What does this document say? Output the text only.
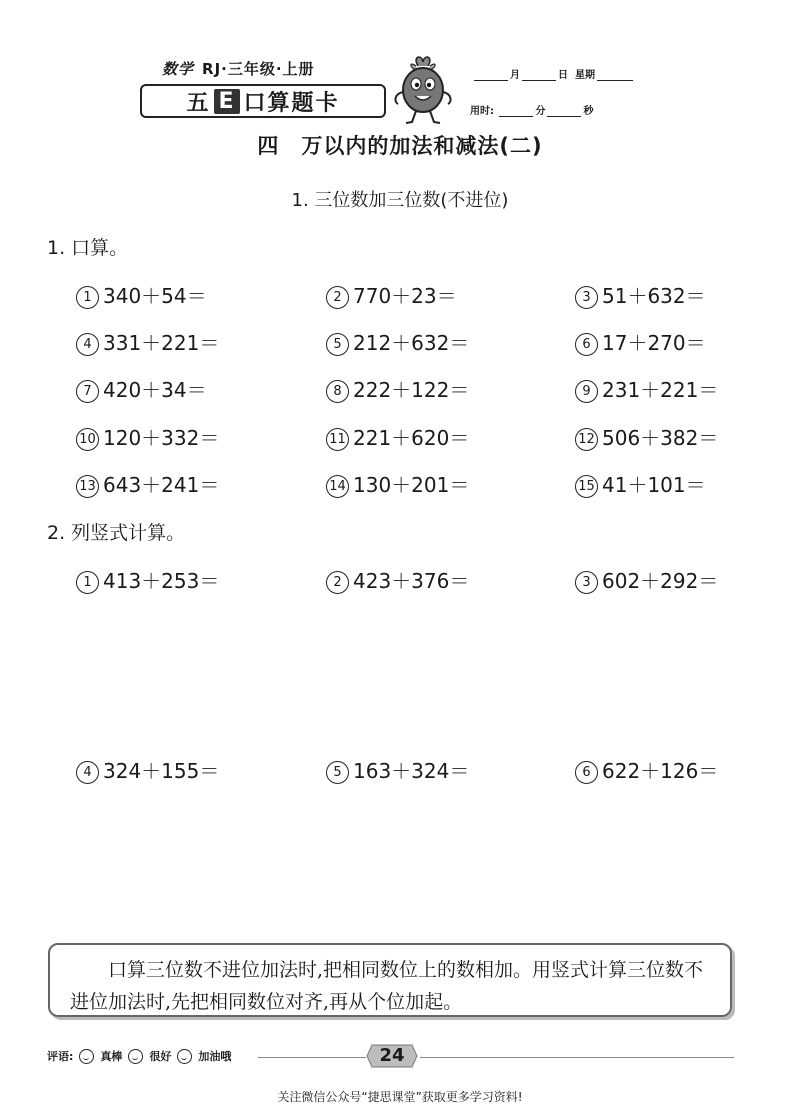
数学 RJ·三年级·上册
五 E 口算题卡
月	日 星期
用时:	分	秒
四　万以内的加法和减法(二)
1. 三位数加三位数(不进位)
1. 口算。
1 340＋54＝	2 770＋23＝	3 51＋632＝
4 331＋221＝	5 212＋632＝	6 17＋270＝
7 420＋34＝	8 222＋122＝	9 231＋221＝
10 120＋332＝	11 221＋620＝	12 506＋382＝
13 643＋241＝	14 130＋201＝	15 41＋101＝
2. 列竖式计算。
1 413＋253＝	2 423＋376＝	3 602＋292＝
4 324＋155＝	5 163＋324＝	6 622＋126＝
口算三位数不进位加法时,把相同数位上的数相加。用竖式计算三位数不进位加法时,先把相同数位对齐,再从个位加起。
评语: 真棒 很好 加油哦	24
关注微信公众号“捷思课堂”获取更多学习资料!
